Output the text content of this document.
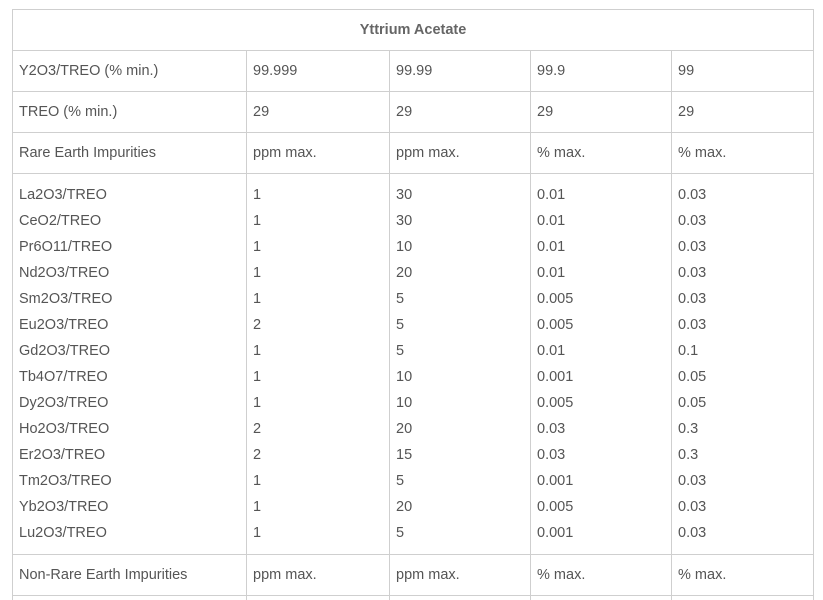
Yttrium Acetate				
Y2O3/TREO (% min.)	99.999	99.99	99.9	99
TREO (% min.)	29	29	29	29
Rare Earth Impurities	ppm max.	ppm max.	% max.	% max.
La2O3/TREO	1	30	0.01	0.03
CeO2/TREO	1	30	0.01	0.03
Pr6O11/TREO	1	10	0.01	0.03
Nd2O3/TREO	1	20	0.01	0.03
Sm2O3/TREO	1	5	0.005	0.03
Eu2O3/TREO	2	5	0.005	0.03
Gd2O3/TREO	1	5	0.01	0.1
Tb4O7/TREO	1	10	0.001	0.05
Dy2O3/TREO	1	10	0.005	0.05
Ho2O3/TREO	2	20	0.03	0.3
Er2O3/TREO	2	15	0.03	0.3
Tm2O3/TREO	1	5	0.001	0.03
Yb2O3/TREO	1	20	0.005	0.03
Lu2O3/TREO	1	5	0.001	0.03
Non-Rare Earth Impurities	ppm max.	ppm max.	% max.	% max.
